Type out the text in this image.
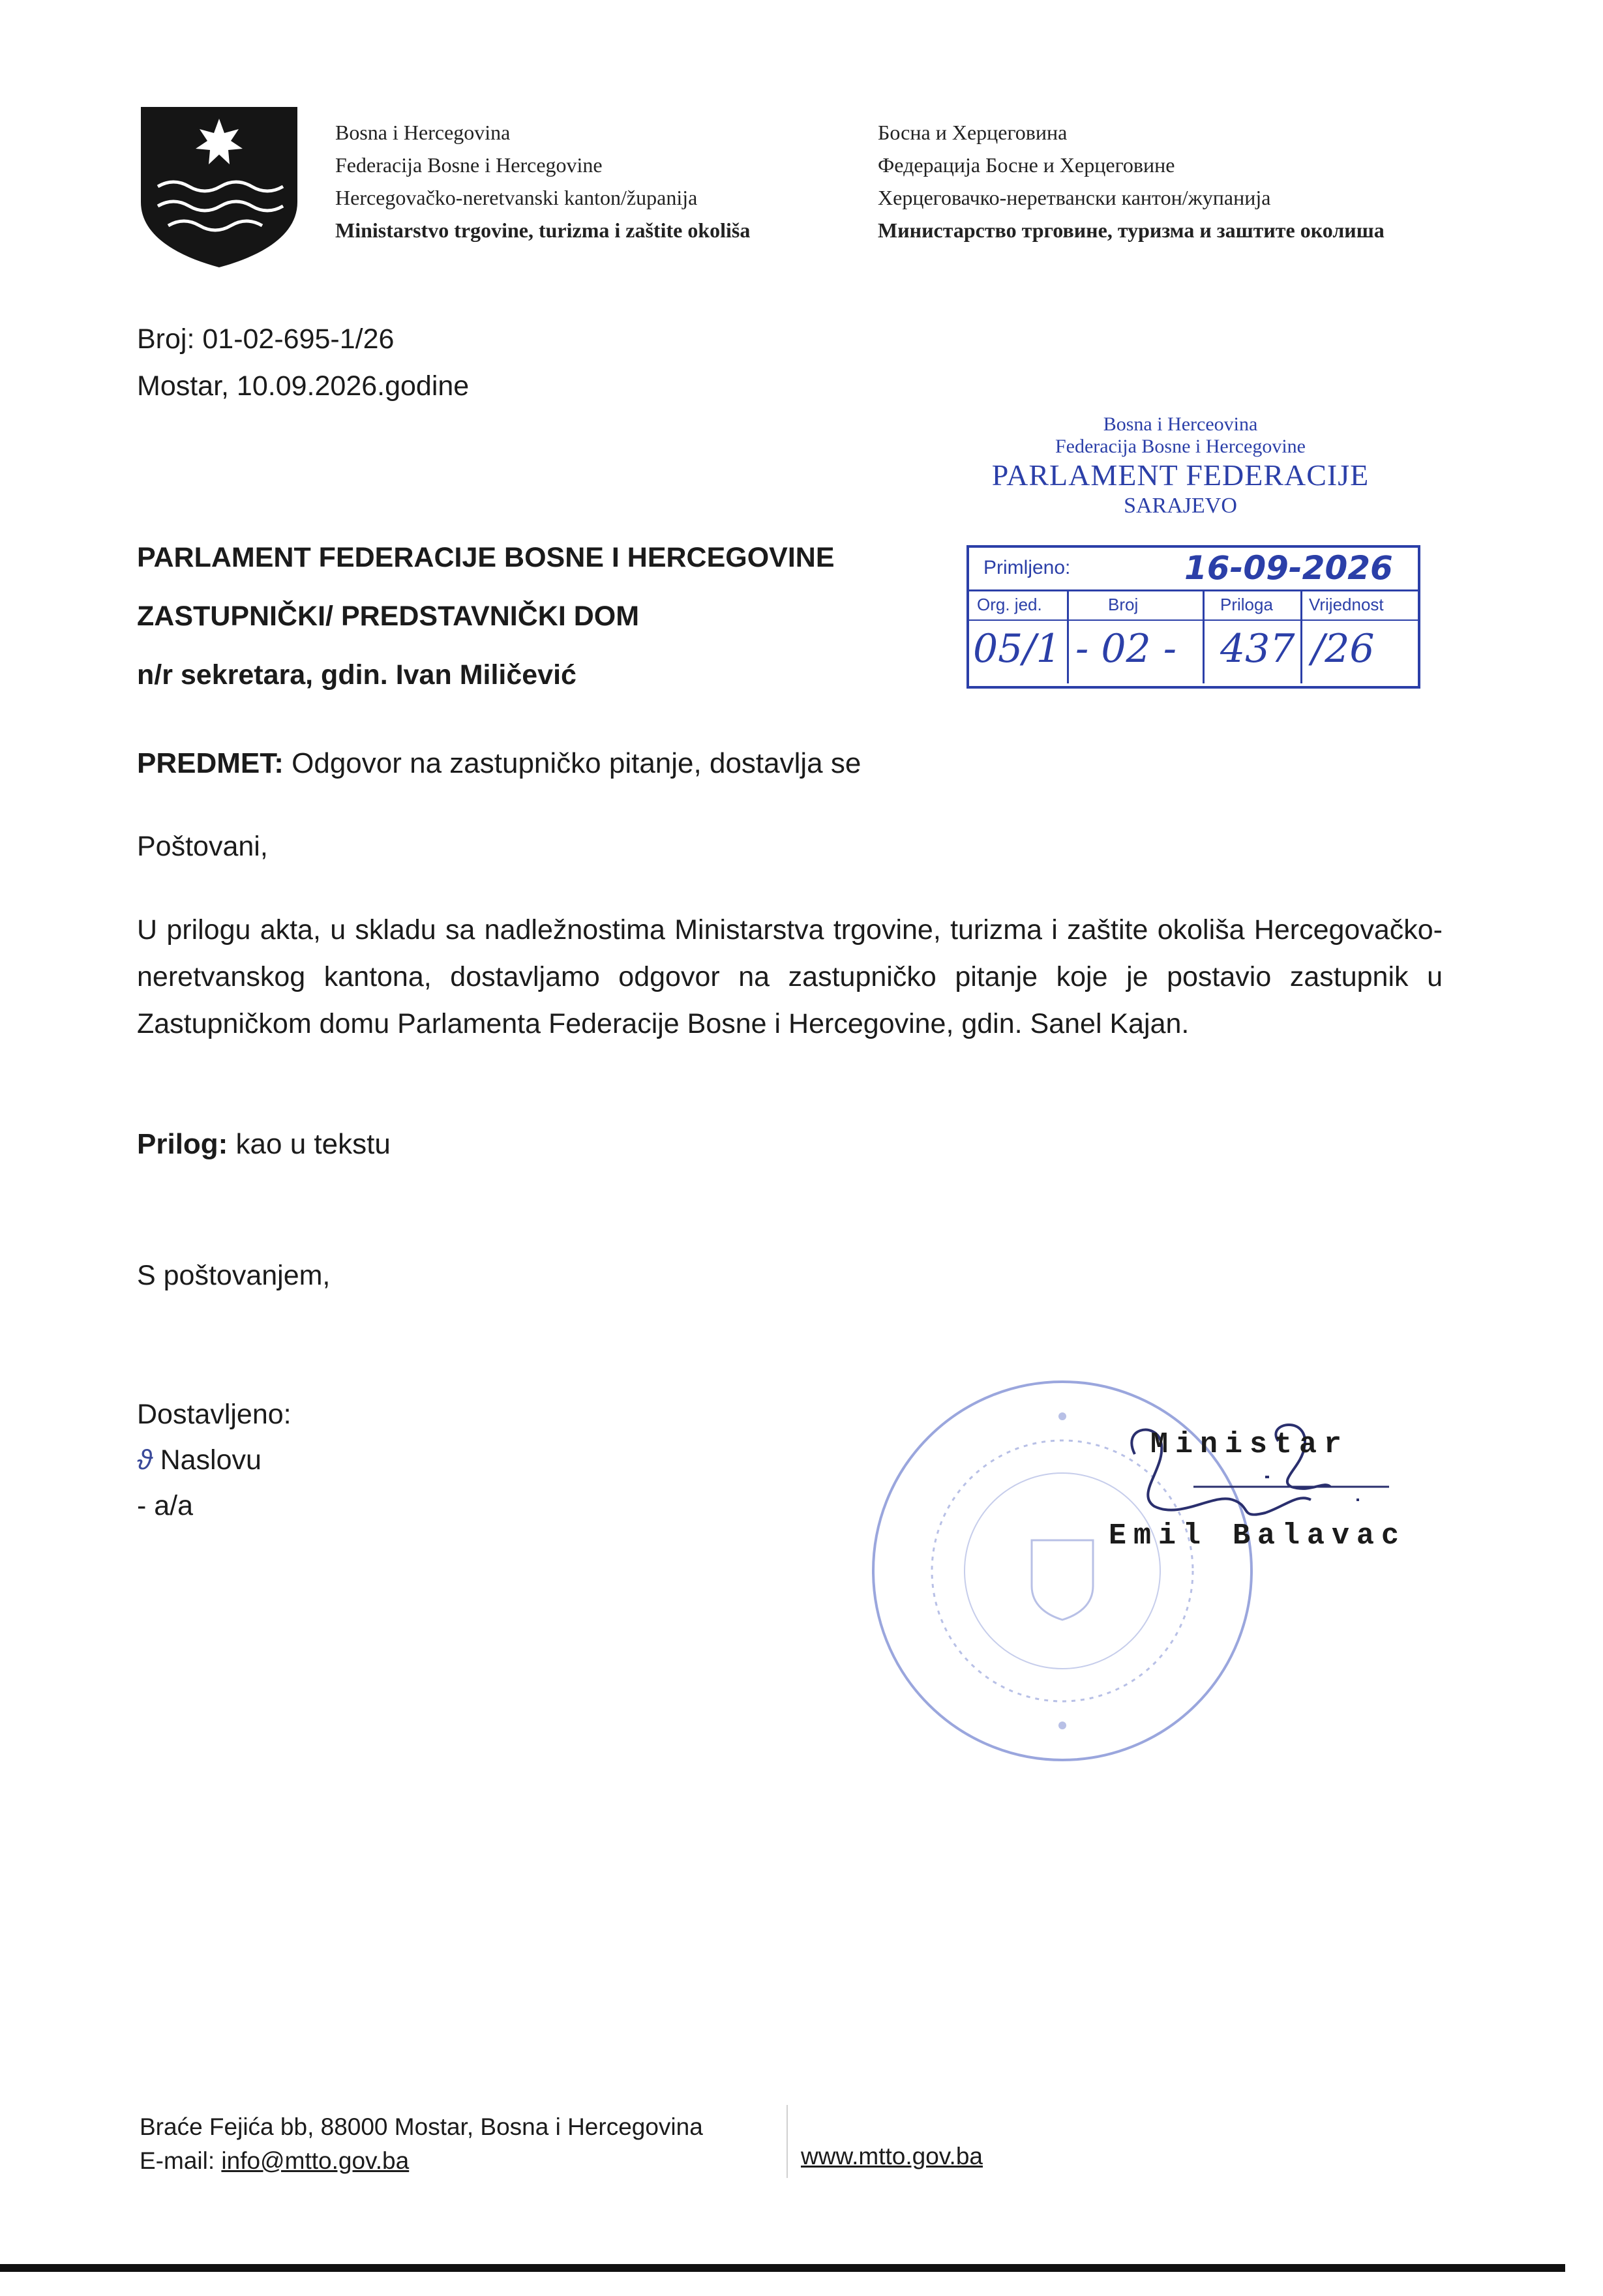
Bosna i Hercegovina
Federacija Bosne i Hercegovine
Hercegovačko-neretvanski kanton/županija
Ministarstvo trgovine, turizma i zaštite okoliša
Босна и Херцеговина
Федерација Босне и Херцеговине
Херцеговачко-неретвански кантон/жупанија
Министарство трговине, туризма и заштите околиша
Broj: 01-02-695-1/26
Mostar, 10.09.2026.godine
Bosna i Herceovina
Federacija Bosne i Hercegovine
PARLAMENT FEDERACIJE
SARAJEVO
Primljeno:	16-09-2026
Org. jed.
05/1
Broj
- 02 -
Priloga
437
Vrijednost
/26
PARLAMENT FEDERACIJE BOSNE I HERCEGOVINE
ZASTUPNIČKI/ PREDSTAVNIČKI DOM
n/r sekretara, gdin. Ivan Miličević
PREDMET: Odgovor na zastupničko pitanje, dostavlja se
Poštovani,
U prilogu akta, u skladu sa nadležnostima Ministarstva trgovine, turizma i zaštite okoliša Hercegovačko-neretvanskog kantona, dostavljamo odgovor na zastupničko pitanje koje je postavio zastupnik u Zastupničkom domu Parlamenta Federacije Bosne i Hercegovine, gdin. Sanel Kajan.
Prilog: kao u tekstu
S poštovanjem,
Dostavljeno:
ϑ Naslovu
- a/a
Ministar
Emil Balavac
Braće Fejića bb, 88000 Mostar, Bosna i Hercegovina
E-mail: info@mtto.gov.ba	www.mtto.gov.ba
